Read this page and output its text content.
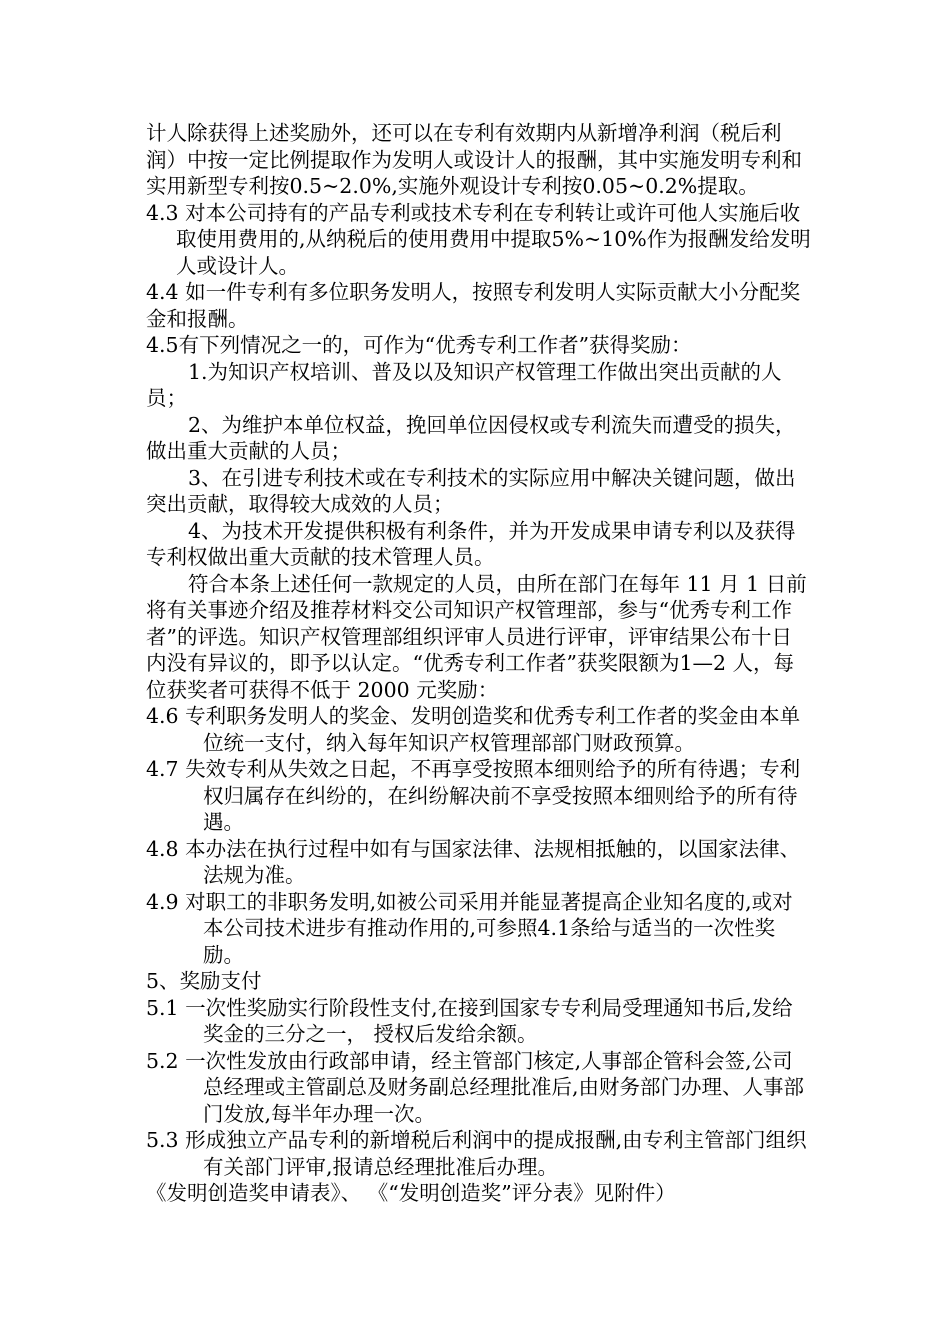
计人除获得上述奖励外，还可以在专利有效期内从新增净利润（税后利润）中按一定比例提取作为发明人或设计人的报酬，其中实施发明专利和实用新型专利按0.5~2.0%,实施外观设计专利按0.05~0.2%提取。

4.3 对本公司持有的产品专利或技术专利在专利转让或许可他人实施后收取使用费用的,从纳税后的使用费用中提取5%~10%作为报酬发给发明人或设计人。

4.4 如一件专利有多位职务发明人，按照专利发明人实际贡献大小分配奖金和报酬。

4.5有下列情况之一的，可作为“优秀专利工作者”获得奖励：

1.为知识产权培训、普及以及知识产权管理工作做出突出贡献的人员；

2、为维护本单位权益，挽回单位因侵权或专利流失而遭受的损失，做出重大贡献的人员；

3、在引进专利技术或在专利技术的实际应用中解决关键问题，做出突出贡献，取得较大成效的人员；

4、为技术开发提供积极有利条件，并为开发成果申请专利以及获得专利权做出重大贡献的技术管理人员。

符合本条上述任何一款规定的人员，由所在部门在每年 11 月 1 日前将有关事迹介绍及推荐材料交公司知识产权管理部，参与“优秀专利工作者”的评选。知识产权管理部组织评审人员进行评审，评审结果公布十日内没有异议的，即予以认定。“优秀专利工作者”获奖限额为1—2 人，每位获奖者可获得不低于 2000 元奖励：

4.6 专利职务发明人的奖金、发明创造奖和优秀专利工作者的奖金由本单位统一支付，纳入每年知识产权管理部部门财政预算。

4.7 失效专利从失效之日起，不再享受按照本细则给予的所有待遇；专利权归属存在纠纷的，在纠纷解决前不享受按照本细则给予的所有待遇。

4.8 本办法在执行过程中如有与国家法律、法规相抵触的，以国家法律、法规为准。

4.9 对职工的非职务发明,如被公司采用并能显著提高企业知名度的,或对本公司技术进步有推动作用的,可参照4.1条给与适当的一次性奖励。

5、奖励支付

5.1 一次性奖励实行阶段性支付,在接到国家专专利局受理通知书后,发给奖金的三分之一， 授权后发给余额。

5.2 一次性发放由行政部申请，经主管部门核定,人事部企管科会签,公司总经理或主管副总及财务副总经理批准后,由财务部门办理、人事部门发放,每半年办理一次。

5.3 形成独立产品专利的新增税后利润中的提成报酬,由专利主管部门组织有关部门评审,报请总经理批准后办理。

《发明创造奖申请表》、 《“发明创造奖”评分表》见附件）
